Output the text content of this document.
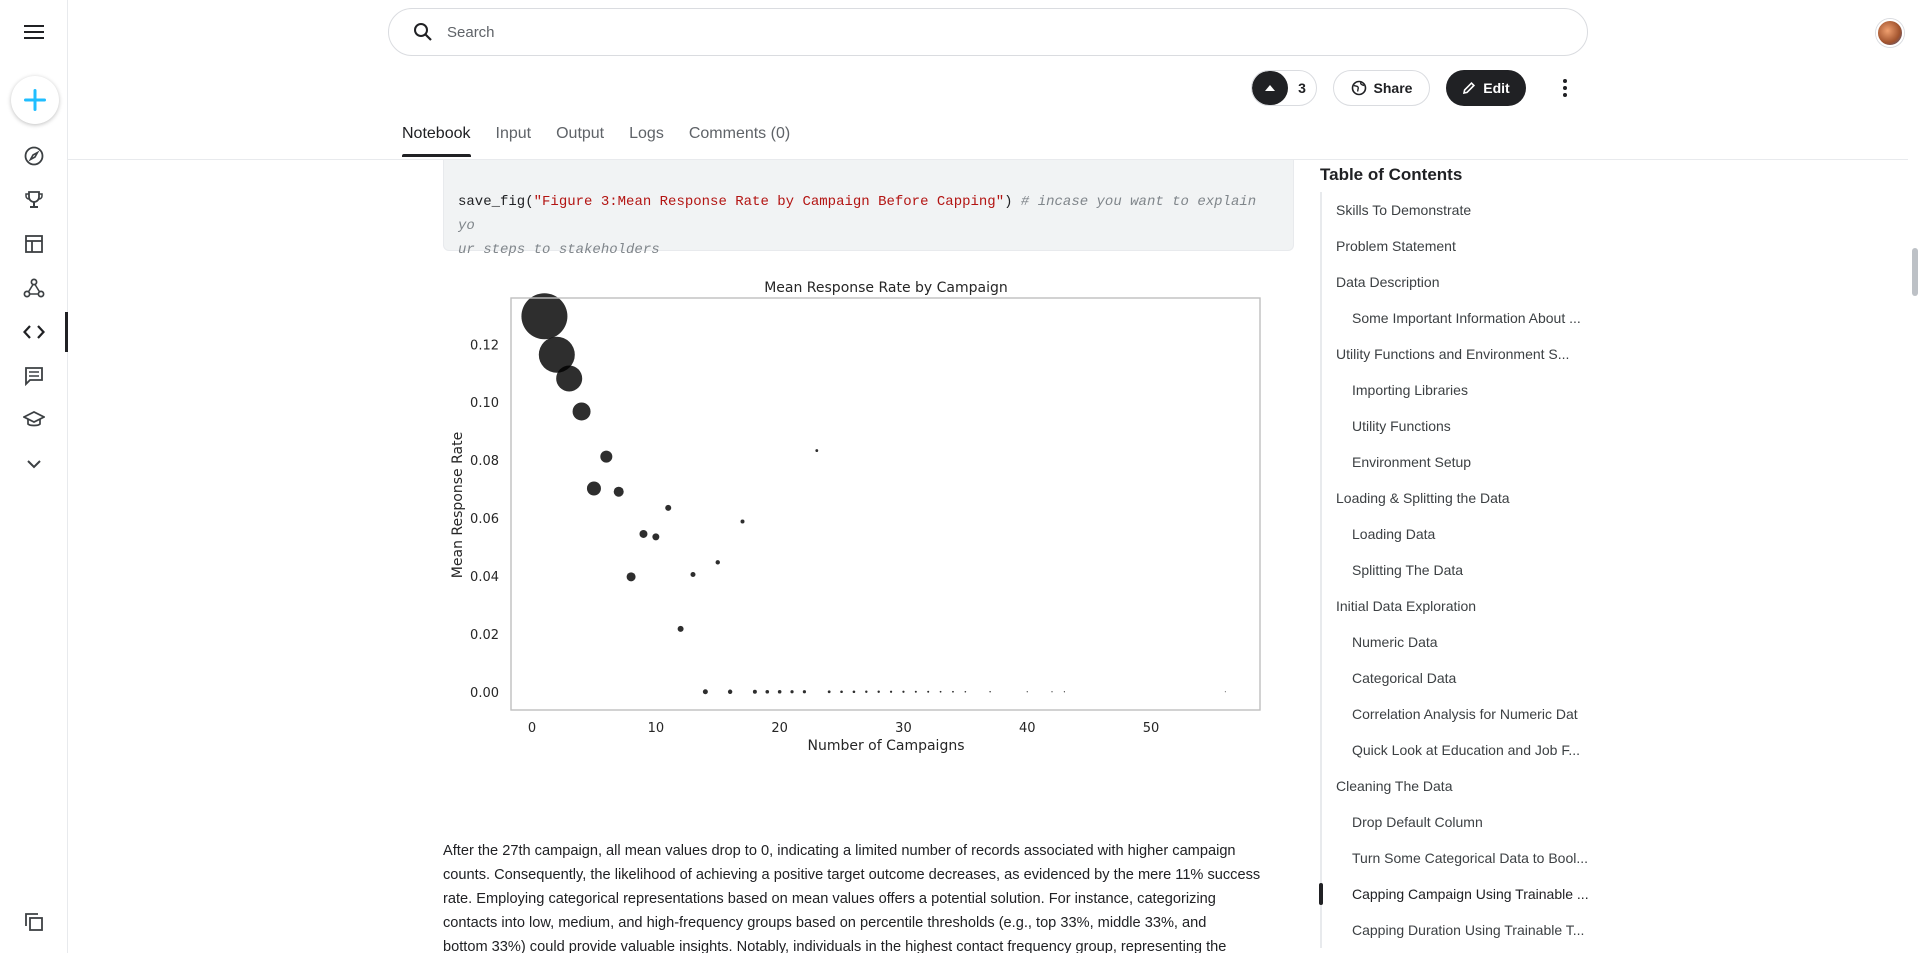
Search
3	Share	Edit
Notebook Input Output Logs Comments (0)
save_fig("Figure 3:Mean Response Rate by Campaign Before Capping") # incase you want to explain yo
ur steps to stakeholders
Mean Response Rate by Campaign
Number of Campaigns
Mean Response Rate
0	10	20	30	40	50
0.00
0.02
0.04
0.06
0.08
0.10
0.12
After the 27th campaign, all mean values drop to 0, indicating a limited number of records associated with higher campaign
counts. Consequently, the likelihood of achieving a positive target outcome decreases, as evidenced by the mere 11% success
rate. Employing categorical representations based on mean values offers a potential solution. For instance, categorizing
contacts into low, medium, and high-frequency groups based on percentile thresholds (e.g., top 33%, middle 33%, and
bottom 33%) could provide valuable insights. Notably, individuals in the highest contact frequency group, representing the
Table of Contents
Skills To Demonstrate
Problem Statement
Data Description
Some Important Information About ...
Utility Functions and Environment S...
Importing Libraries
Utility Functions
Environment Setup
Loading & Splitting the Data
Loading Data
Splitting The Data
Initial Data Exploration
Numeric Data
Categorical Data
Correlation Analysis for Numeric Dat
Quick Look at Education and Job F...
Cleaning The Data
Drop Default Column
Turn Some Categorical Data to Bool...
Capping Campaign Using Trainable ...
Capping Duration Using Trainable T...
